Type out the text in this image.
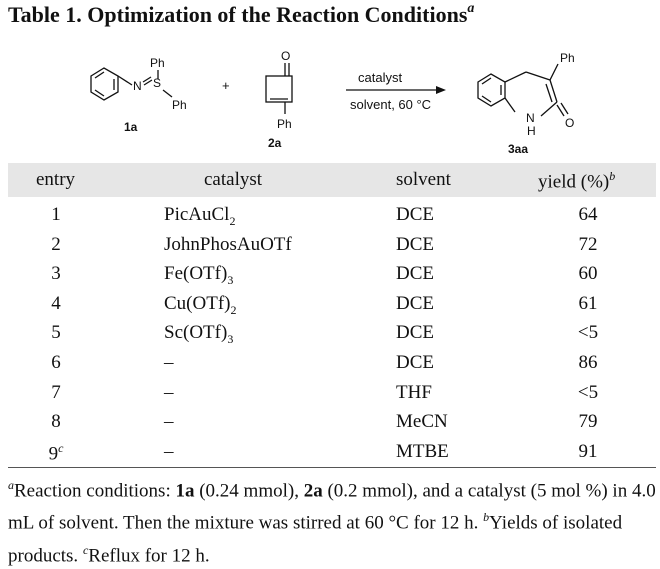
Table 1. Optimization of the Reaction Conditions$^a$
N S
Ph
Ph
1a
+
O
Ph
2a
catalyst
solvent, 60 °C
Ph
N
H
O
3aa
entry	catalyst	solvent	yield (%)$^b$
1	PicAuCl$_2$	DCE	64
2	JohnPhosAuOTf	DCE	72
3	$Fe(OTf)_3$	DCE	60
4	$Cu(OTf)_2$	DCE	61
5	$Sc(OTf)_3$	DCE	<5
6	–	DCE	86
7	–	THF	<5
8	–	MeCN	79
9$^c$	–	MTBE	91
$^a$Reaction conditions: 1a (0.24 mmol), 2a (0.2 mmol), and a catalyst (5 mol %) in 4.0 mL of solvent. Then the mixture was stirred at 60 °C for 12 h. $^b$Yields of isolated products. $^c$Reflux for 12 h.
